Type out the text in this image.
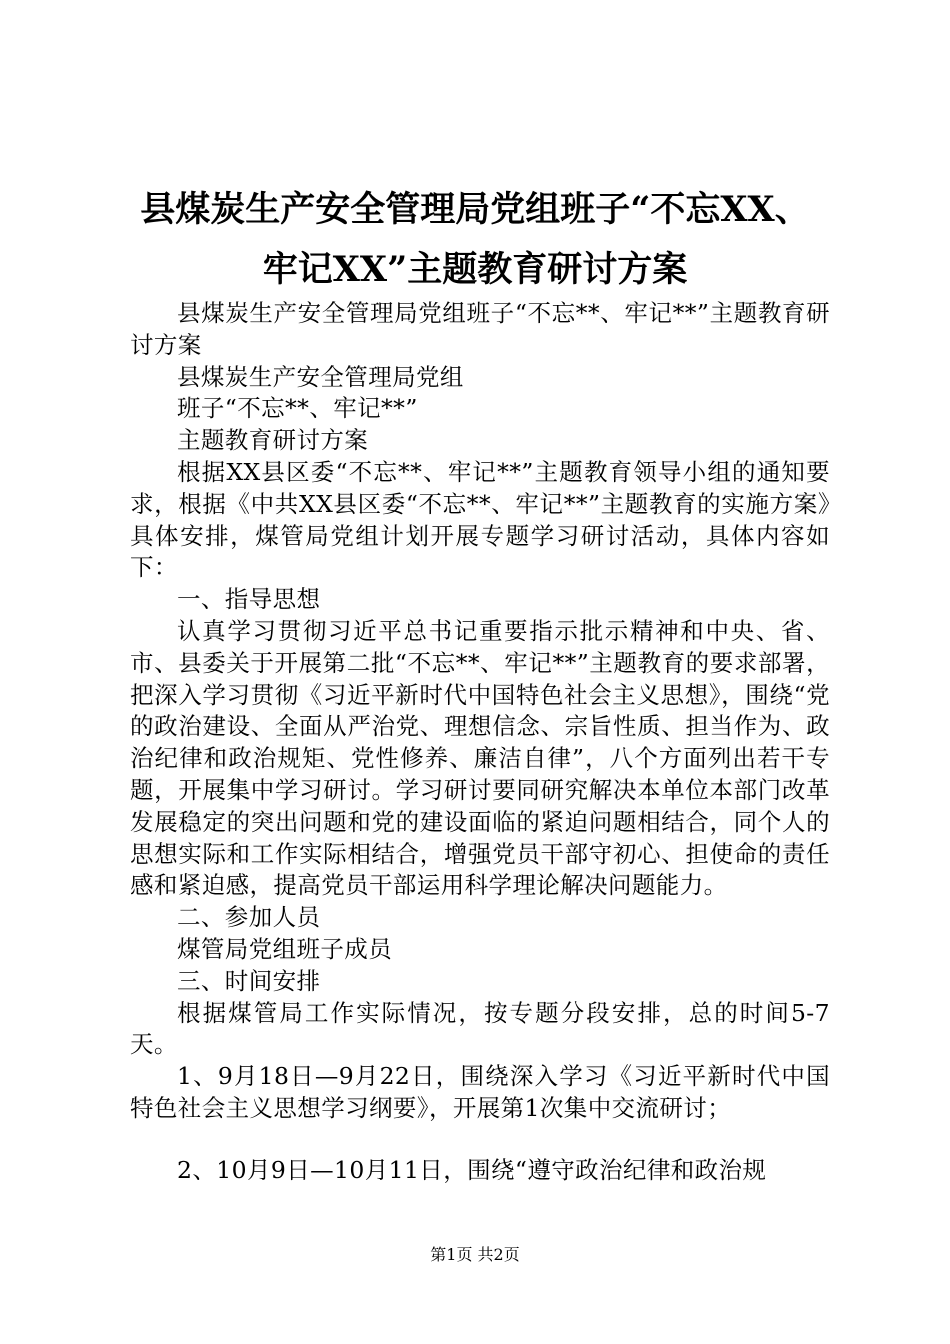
县煤炭生产安全管理局党组班子“不忘XX、
牢记XX”主题教育研讨方案

县煤炭生产安全管理局党组班子“不忘**、牢记**”主题教育研讨方案

县煤炭生产安全管理局党组

班子“不忘**、牢记**”

主题教育研讨方案

根据XX县区委“不忘**、牢记**”主题教育领导小组的通知要求，根据《中共XX县区委“不忘**、牢记**”主题教育的实施方案》具体安排，煤管局党组计划开展专题学习研讨活动，具体内容如下：

一、指导思想

认真学习贯彻习近平总书记重要指示批示精神和中央、省、市、县委关于开展第二批“不忘**、牢记**”主题教育的要求部署，把深入学习贯彻《习近平新时代中国特色社会主义思想》，围绕“党的政治建设、全面从严治党、理想信念、宗旨性质、担当作为、政治纪律和政治规矩、党性修养、廉洁自律”，八个方面列出若干专题，开展集中学习研讨。学习研讨要同研究解决本单位本部门改革发展稳定的突出问题和党的建设面临的紧迫问题相结合，同个人的思想实际和工作实际相结合，增强党员干部守初心、担使命的责任感和紧迫感，提高党员干部运用科学理论解决问题能力。

二、参加人员

煤管局党组班子成员

三、时间安排

根据煤管局工作实际情况，按专题分段安排，总的时间5-7天。

1、9月18日—9月22日，围绕深入学习《习近平新时代中国特色社会主义思想学习纲要》，开展第1次集中交流研讨；

2、10月9日—10月11日，围绕“遵守政治纪律和政治规

第1页 共2页
